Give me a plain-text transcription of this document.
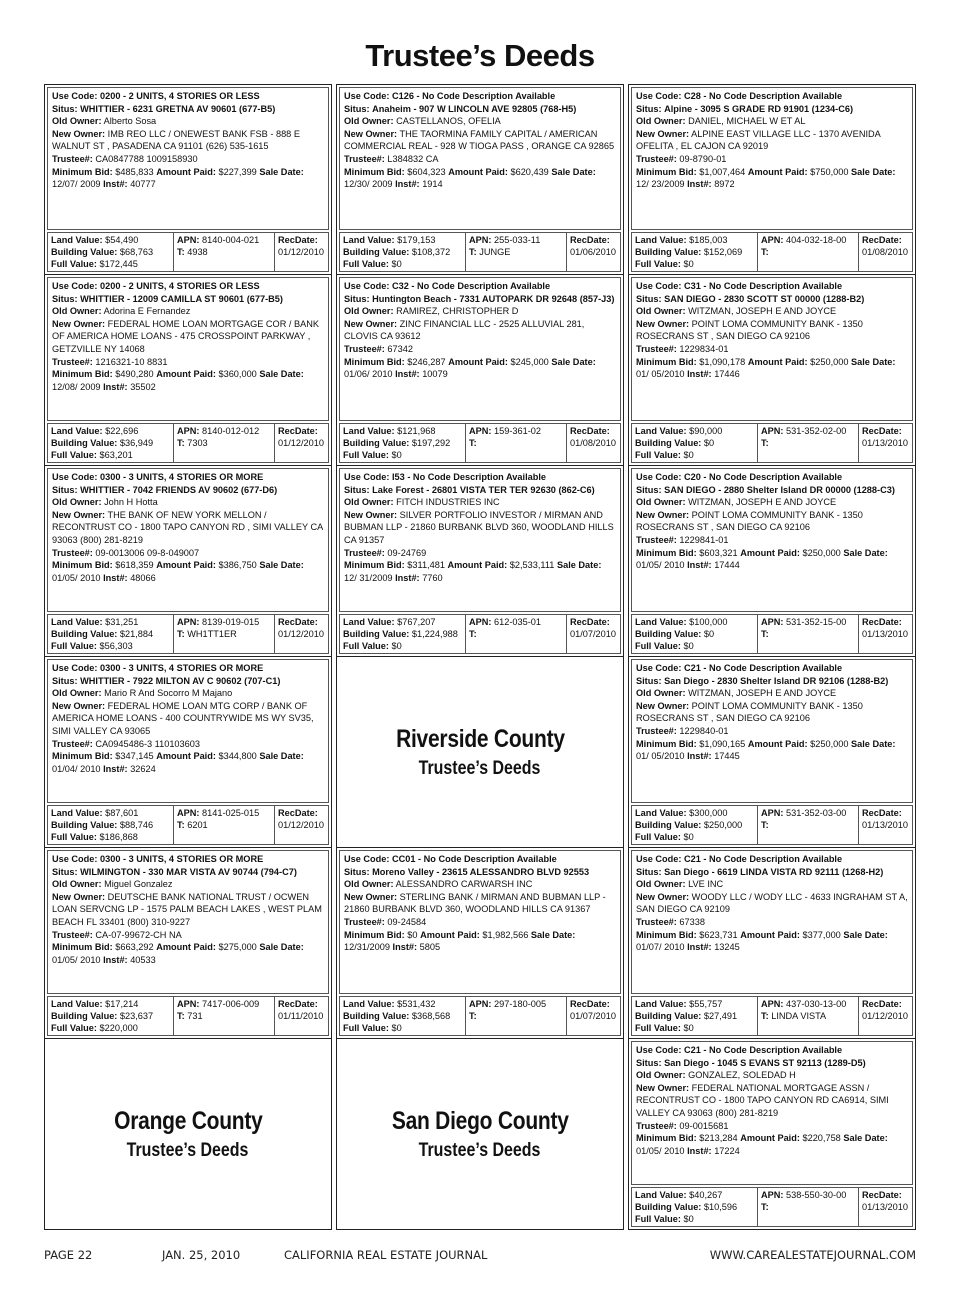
Trustee’s Deeds
Use Code: 0200 - 2 UNITS, 4 STORIES OR LESS
Situs: WHITTIER - 6231 GRETNA AV 90601 (677-B5)
Old Owner: Alberto Sosa
New Owner: IMB REO LLC / ONEWEST BANK FSB - 888 E WALNUT ST , PASADENA CA 91101 (626) 535-1615
Trustee#: CA0847788 1009158930
Minimum Bid: $485,833 Amount Paid: $227,399 Sale Date: 12/07/ 2009 Inst#: 40777
Land Value: $54,490
Building Value: $68,763
Full Value: $172,445
APN: 8140-004-021
T: 4938
RecDate:
01/12/2010
Use Code: 0200 - 2 UNITS, 4 STORIES OR LESS
Situs: WHITTIER - 12009 CAMILLA ST 90601 (677-B5)
Old Owner: Adorina E Fernandez
New Owner: FEDERAL HOME LOAN MORTGAGE COR / BANK OF AMERICA HOME LOANS - 475 CROSSPOINT PARKWAY , GETZVILLE NY 14068
Trustee#: 1216321-10 8831
Minimum Bid: $490,280 Amount Paid: $360,000 Sale Date: 12/08/ 2009 Inst#: 35502
Land Value: $22,696
Building Value: $36,949
Full Value: $63,201
APN: 8140-012-012
T: 7303
RecDate:
01/12/2010
Use Code: 0300 - 3 UNITS, 4 STORIES OR MORE
Situs: WHITTIER - 7042 FRIENDS AV 90602 (677-D6)
Old Owner: John H Hotta
New Owner: THE BANK OF NEW YORK MELLON / RECONTRUST CO - 1800 TAPO CANYON RD , SIMI VALLEY CA 93063 (800) 281-8219
Trustee#: 09-0013006 09-8-049007
Minimum Bid: $618,359 Amount Paid: $386,750 Sale Date: 01/05/ 2010 Inst#: 48066
Land Value: $31,251
Building Value: $21,884
Full Value: $56,303
APN: 8139-019-015
T: WH1TT1ER
RecDate:
01/12/2010
Use Code: 0300 - 3 UNITS, 4 STORIES OR MORE
Situs: WHITTIER - 7922 MILTON AV C 90602 (707-C1)
Old Owner: Mario R And Socorro M Majano
New Owner: FEDERAL HOME LOAN MTG CORP / BANK OF AMERICA HOME LOANS - 400 COUNTRYWIDE MS WY SV35, SIMI VALLEY CA 93065
Trustee#: CA0945486-3 110103603
Minimum Bid: $347,145 Amount Paid: $344,800 Sale Date: 01/04/ 2010 Inst#: 32624
Land Value: $87,601
Building Value: $88,746
Full Value: $186,868
APN: 8141-025-015
T: 6201
RecDate:
01/12/2010
Use Code: 0300 - 3 UNITS, 4 STORIES OR MORE
Situs: WILMINGTON - 330 MAR VISTA AV 90744 (794-C7)
Old Owner: Miguel Gonzalez
New Owner: DEUTSCHE BANK NATIONAL TRUST / OCWEN LOAN SERVCNG LP - 1575 PALM BEACH LAKES , WEST PLAM BEACH FL 33401 (800) 310-9227
Trustee#: CA-07-99672-CH NA
Minimum Bid: $663,292 Amount Paid: $275,000 Sale Date: 01/05/ 2010 Inst#: 40533
Land Value: $17,214
Building Value: $23,637
Full Value: $220,000
APN: 7417-006-009
T: 731
RecDate:
01/11/2010
Orange County
Trustee’s Deeds
Use Code: C126 - No Code Description Available
Situs: Anaheim - 907 W LINCOLN AVE 92805 (768-H5)
Old Owner: CASTELLANOS, OFELIA
New Owner: THE TAORMINA FAMILY CAPITAL / AMERICAN COMMERCIAL REAL - 928 W TIOGA PASS , ORANGE CA 92865
Trustee#: L384832 CA
Minimum Bid: $604,323 Amount Paid: $620,439 Sale Date: 12/30/ 2009 Inst#: 1914
Land Value: $179,153
Building Value: $108,372
Full Value: $0
APN: 255-033-11
T: JUNGE
RecDate:
01/06/2010
Use Code: C32 - No Code Description Available
Situs: Huntington Beach - 7331 AUTOPARK DR 92648 (857-J3)
Old Owner: RAMIREZ, CHRISTOPHER D
New Owner: ZINC FINANCIAL LLC - 2525 ALLUVIAL 281, CLOVIS CA 93612
Trustee#: 67342
Minimum Bid: $246,287 Amount Paid: $245,000 Sale Date: 01/06/ 2010 Inst#: 10079
Land Value: $121,968
Building Value: $197,292
Full Value: $0
APN: 159-361-02
T:
RecDate:
01/08/2010
Use Code: I53 - No Code Description Available
Situs: Lake Forest - 26801 VISTA TER TER 92630 (862-C6)
Old Owner: FITCH INDUSTRIES INC
New Owner: SILVER PORTFOLIO INVESTOR / MIRMAN AND BUBMAN LLP - 21860 BURBANK BLVD 360, WOODLAND HILLS CA 91357
Trustee#: 09-24769
Minimum Bid: $311,481 Amount Paid: $2,533,111 Sale Date: 12/ 31/2009 Inst#: 7760
Land Value: $767,207
Building Value: $1,224,988
Full Value: $0
APN: 612-035-01
T:
RecDate:
01/07/2010
Riverside County
Trustee’s Deeds
Use Code: CC01 - No Code Description Available
Situs: Moreno Valley - 23615 ALESSANDRO BLVD 92553
Old Owner: ALESSANDRO CARWARSH INC
New Owner: STERLING BANK / MIRMAN AND BUBMAN LLP - 21860 BURBANK BLVD 360, WOODLAND HILLS CA 91367
Trustee#: 09-24584
Minimum Bid: $0 Amount Paid: $1,982,566 Sale Date: 12/31/2009 Inst#: 5805
Land Value: $531,432
Building Value: $368,568
Full Value: $0
APN: 297-180-005
T:
RecDate:
01/07/2010
San Diego County
Trustee’s Deeds
Use Code: C28 - No Code Description Available
Situs: Alpine - 3095 S GRADE RD 91901 (1234-C6)
Old Owner: DANIEL, MICHAEL W ET AL
New Owner: ALPINE EAST VILLAGE LLC - 1370 AVENIDA OFELITA , EL CAJON CA 92019
Trustee#: 09-8790-01
Minimum Bid: $1,007,464 Amount Paid: $750,000 Sale Date: 12/ 23/2009 Inst#: 8972
Land Value: $185,003
Building Value: $152,069
Full Value: $0
APN: 404-032-18-00
T:
RecDate:
01/08/2010
Use Code: C31 - No Code Description Available
Situs: SAN DIEGO - 2830 SCOTT ST 00000 (1288-B2)
Old Owner: WITZMAN, JOSEPH E AND JOYCE
New Owner: POINT LOMA COMMUNITY BANK - 1350 ROSECRANS ST , SAN DIEGO CA 92106
Trustee#: 1229834-01
Minimum Bid: $1,090,178 Amount Paid: $250,000 Sale Date: 01/ 05/2010 Inst#: 17446
Land Value: $90,000
Building Value: $0
Full Value: $0
APN: 531-352-02-00
T:
RecDate:
01/13/2010
Use Code: C20 - No Code Description Available
Situs: SAN DIEGO - 2880 Shelter Island DR 00000 (1288-C3)
Old Owner: WITZMAN, JOSEPH E AND JOYCE
New Owner: POINT LOMA COMMUNITY BANK - 1350 ROSECRANS ST , SAN DIEGO CA 92106
Trustee#: 1229841-01
Minimum Bid: $603,321 Amount Paid: $250,000 Sale Date: 01/05/ 2010 Inst#: 17444
Land Value: $100,000
Building Value: $0
Full Value: $0
APN: 531-352-15-00
T:
RecDate:
01/13/2010
Use Code: C21 - No Code Description Available
Situs: San Diego - 2830 Shelter Island DR 92106 (1288-B2)
Old Owner: WITZMAN, JOSEPH E AND JOYCE
New Owner: POINT LOMA COMMUNITY BANK - 1350 ROSECRANS ST , SAN DIEGO CA 92106
Trustee#: 1229840-01
Minimum Bid: $1,090,165 Amount Paid: $250,000 Sale Date: 01/ 05/2010 Inst#: 17445
Land Value: $300,000
Building Value: $250,000
Full Value: $0
APN: 531-352-03-00
T:
RecDate:
01/13/2010
Use Code: C21 - No Code Description Available
Situs: San Diego - 6619 LINDA VISTA RD 92111 (1268-H2)
Old Owner: LVE INC
New Owner: WOODY LLC / WODY LLC - 4633 INGRAHAM ST A, SAN DIEGO CA 92109
Trustee#: 67338
Minimum Bid: $623,731 Amount Paid: $377,000 Sale Date: 01/07/ 2010 Inst#: 13245
Land Value: $55,757
Building Value: $27,491
Full Value: $0
APN: 437-030-13-00
T: LINDA VISTA
RecDate:
01/12/2010
Use Code: C21 - No Code Description Available
Situs: San Diego - 1045 S EVANS ST 92113 (1289-D5)
Old Owner: GONZALEZ, SOLEDAD H
New Owner: FEDERAL NATIONAL MORTGAGE ASSN / RECONTRUST CO - 1800 TAPO CANYON RD CA6914, SIMI VALLEY CA 93063 (800) 281-8219
Trustee#: 09-0015681
Minimum Bid: $213,284 Amount Paid: $220,758 Sale Date: 01/05/ 2010 Inst#: 17224
Land Value: $40,267
Building Value: $10,596
Full Value: $0
APN: 538-550-30-00
T:
RecDate:
01/13/2010
PAGE 22	JAN. 25, 2010	CALIFORNIA REAL ESTATE JOURNAL	WWW.CAREALESTATEJOURNAL.COM
